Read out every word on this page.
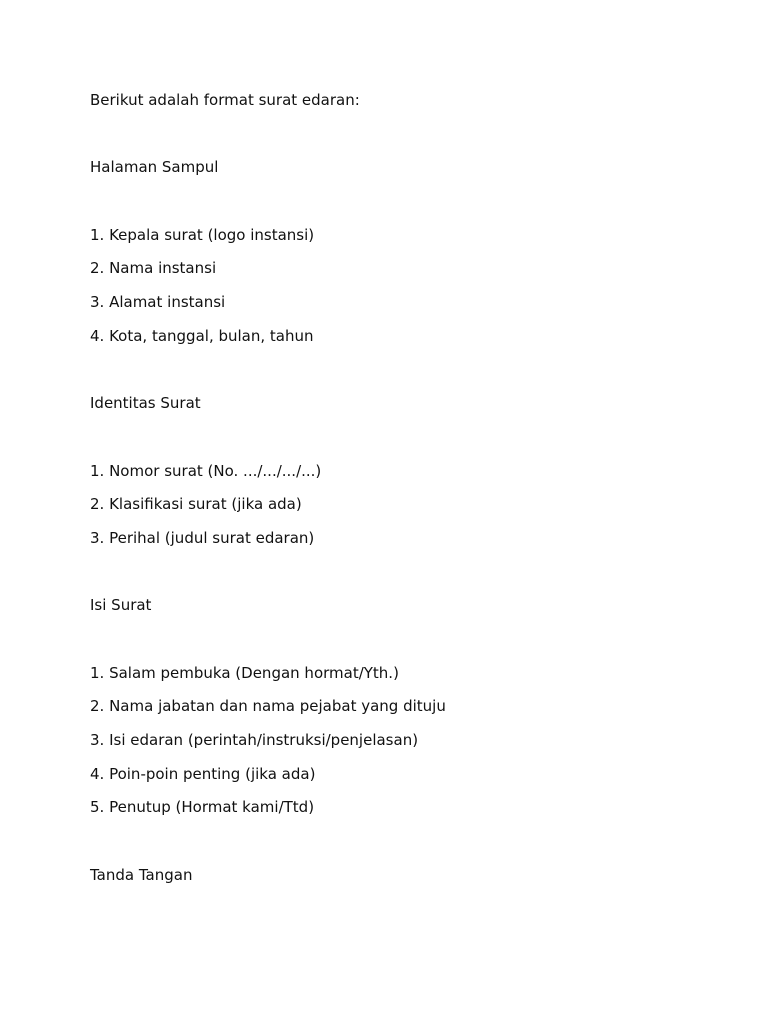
Berikut adalah format surat edaran:
Halaman Sampul
1. Kepala surat (logo instansi)
2. Nama instansi
3. Alamat instansi
4. Kota, tanggal, bulan, tahun
Identitas Surat
1. Nomor surat (No. .../.../.../...)
2. Klasifikasi surat (jika ada)
3. Perihal (judul surat edaran)
Isi Surat
1. Salam pembuka (Dengan hormat/Yth.)
2. Nama jabatan dan nama pejabat yang dituju
3. Isi edaran (perintah/instruksi/penjelasan)
4. Poin-poin penting (jika ada)
5. Penutup (Hormat kami/Ttd)
Tanda Tangan
